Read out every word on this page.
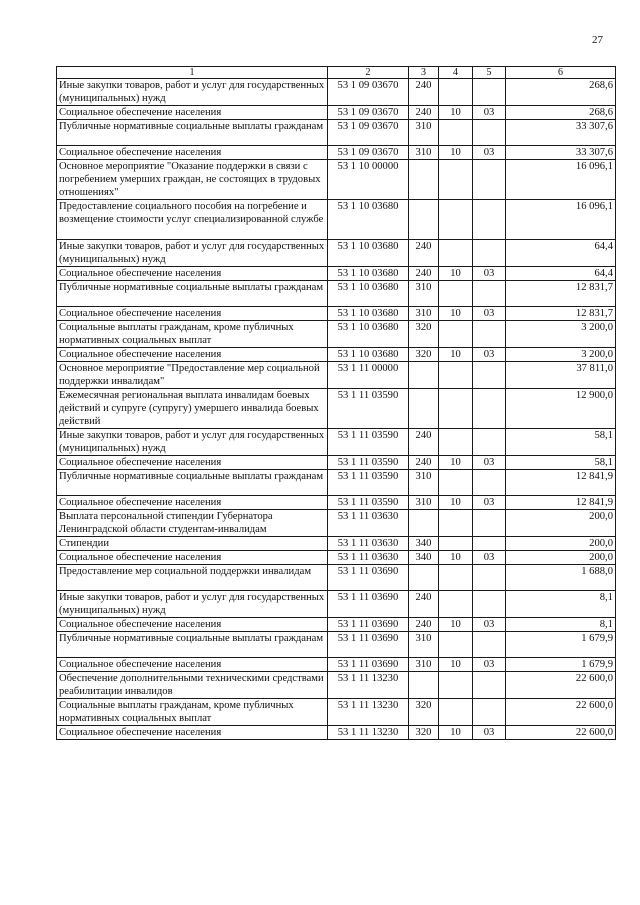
27
1	2	3	4	5	6
Иные закупки товаров, работ и услуг для государственных (муниципальных) нужд	53 1 09 03670	240			268,6
Социальное обеспечение населения	53 1 09 03670	240	10	03	268,6
Публичные нормативные социальные выплаты гражданам	53 1 09 03670	310			33 307,6
Социальное обеспечение населения	53 1 09 03670	310	10	03	33 307,6
Основное мероприятие "Оказание поддержки в связи с погребением умерших граждан, не состоящих в трудовых отношениях"	53 1 10 00000				16 096,1
Предоставление социального пособия на погребение и возмещение стоимости услуг специализированной службе	53 1 10 03680				16 096,1
Иные закупки товаров, работ и услуг для государственных (муниципальных) нужд	53 1 10 03680	240			64,4
Социальное обеспечение населения	53 1 10 03680	240	10	03	64,4
Публичные нормативные социальные выплаты гражданам	53 1 10 03680	310			12 831,7
Социальное обеспечение населения	53 1 10 03680	310	10	03	12 831,7
Социальные выплаты гражданам, кроме публичных нормативных социальных выплат	53 1 10 03680	320			3 200,0
Социальное обеспечение населения	53 1 10 03680	320	10	03	3 200,0
Основное мероприятие "Предоставление мер социальной поддержки инвалидам"	53 1 11 00000				37 811,0
Ежемесячная региональная выплата инвалидам боевых действий и супруге (супругу) умершего инвалида боевых действий	53 1 11 03590				12 900,0
Иные закупки товаров, работ и услуг для государственных (муниципальных) нужд	53 1 11 03590	240			58,1
Социальное обеспечение населения	53 1 11 03590	240	10	03	58,1
Публичные нормативные социальные выплаты гражданам	53 1 11 03590	310			12 841,9
Социальное обеспечение населения	53 1 11 03590	310	10	03	12 841,9
Выплата персональной стипендии Губернатора Ленинградской области студентам-инвалидам	53 1 11 03630				200,0
Стипендии	53 1 11 03630	340			200,0
Социальное обеспечение населения	53 1 11 03630	340	10	03	200,0
Предоставление мер социальной поддержки инвалидам	53 1 11 03690				1 688,0
Иные закупки товаров, работ и услуг для государственных (муниципальных) нужд	53 1 11 03690	240			8,1
Социальное обеспечение населения	53 1 11 03690	240	10	03	8,1
Публичные нормативные социальные выплаты гражданам	53 1 11 03690	310			1 679,9
Социальное обеспечение населения	53 1 11 03690	310	10	03	1 679,9
Обеспечение дополнительными техническими средствами реабилитации инвалидов	53 1 11 13230				22 600,0
Социальные выплаты гражданам, кроме публичных нормативных социальных выплат	53 1 11 13230	320			22 600,0
Социальное обеспечение населения	53 1 11 13230	320	10	03	22 600,0
